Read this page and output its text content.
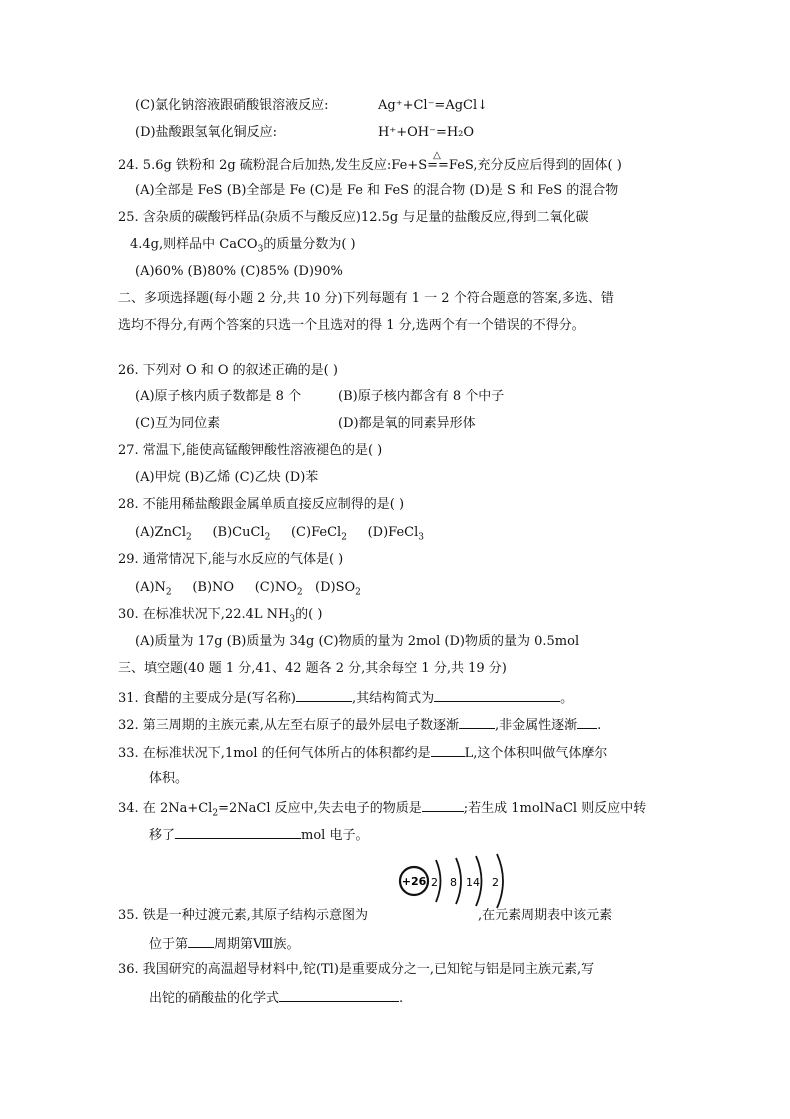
(C)氯化钠溶液跟硝酸银溶液反应:	Ag⁺+Cl⁻=AgCl↓
(D)盐酸跟氢氧化铜反应:	H⁺+OH⁻=H₂O
24. 5.6g 铁粉和 2g 硫粉混合后加热,发生反应:Fe+S
△
==FeS,充分反应后得到的固体( )
(A)全部是 FeS (B)全部是 Fe (C)是 Fe 和 FeS 的混合物 (D)是 S 和 FeS 的混合物
25. 含杂质的碳酸钙样品(杂质不与酸反应)12.5g 与足量的盐酸反应,得到二氧化碳
4.4g,则样品中 CaCO$_3$的质量分数为( )
(A)60% (B)80% (C)85% (D)90%
二、多项选择题(每小题 2 分,共 10 分)下列每题有 1 一 2 个符合题意的答案,多选、错
选均不得分,有两个答案的只选一个且选对的得 1 分,选两个有一个错误的不得分。
26. 下列对 O 和 O 的叙述正确的是( )
(A)原子核内质子数都是 8 个	(B)原子核内都含有 8 个中子
(C)互为同位素	(D)都是氧的同素异形体
27. 常温下,能使高锰酸钾酸性溶液褪色的是( )
(A)甲烷 (B)乙烯 (C)乙炔 (D)苯
28. 不能用稀盐酸跟金属单质直接反应制得的是( )
(A)ZnCl$_2$ (B)CuCl$_2$ (C)FeCl$_2$ (D)FeCl$_3$
29. 通常情况下,能与水反应的气体是( )
$(A)N_2$ (B)NO $(C)NO_2$ $(D)SO_2$
30. 在标准状况下,22.4L $NH_3$的( )
(A)质量为 17g (B)质量为 34g (C)物质的量为 2mol (D)物质的量为 0.5mol
三、填空题(40 题 1 分,41、42 题各 2 分,其余每空 1 分,共 19 分)
31. 食醋的主要成分是(写名称)	,其结构简式为	。
32. 第三周期的主族元素,从左至右原子的最外层电子数逐渐	,非金属性逐渐 .
33. 在标准状况下,1mol 的任何气体所占的体积都约是	L,这个体积叫做气体摩尔
体积。
34. 在 $2Na+Cl_2=2NaCl$ 反应中,失去电子的物质是	;若生成 1molNaCl 则反应中转
移了	mol 电子。
+26 2 8 14 2
35. 铁是一种过渡元素,其原子结构示意图为	,在元素周期表中该元素
位于第 周期第Ⅷ族。
36. 我国研究的高温超导材料中,铊(Tl)是重要成分之一,已知铊与铝是同主族元素,写
出铊的硝酸盐的化学式	.
